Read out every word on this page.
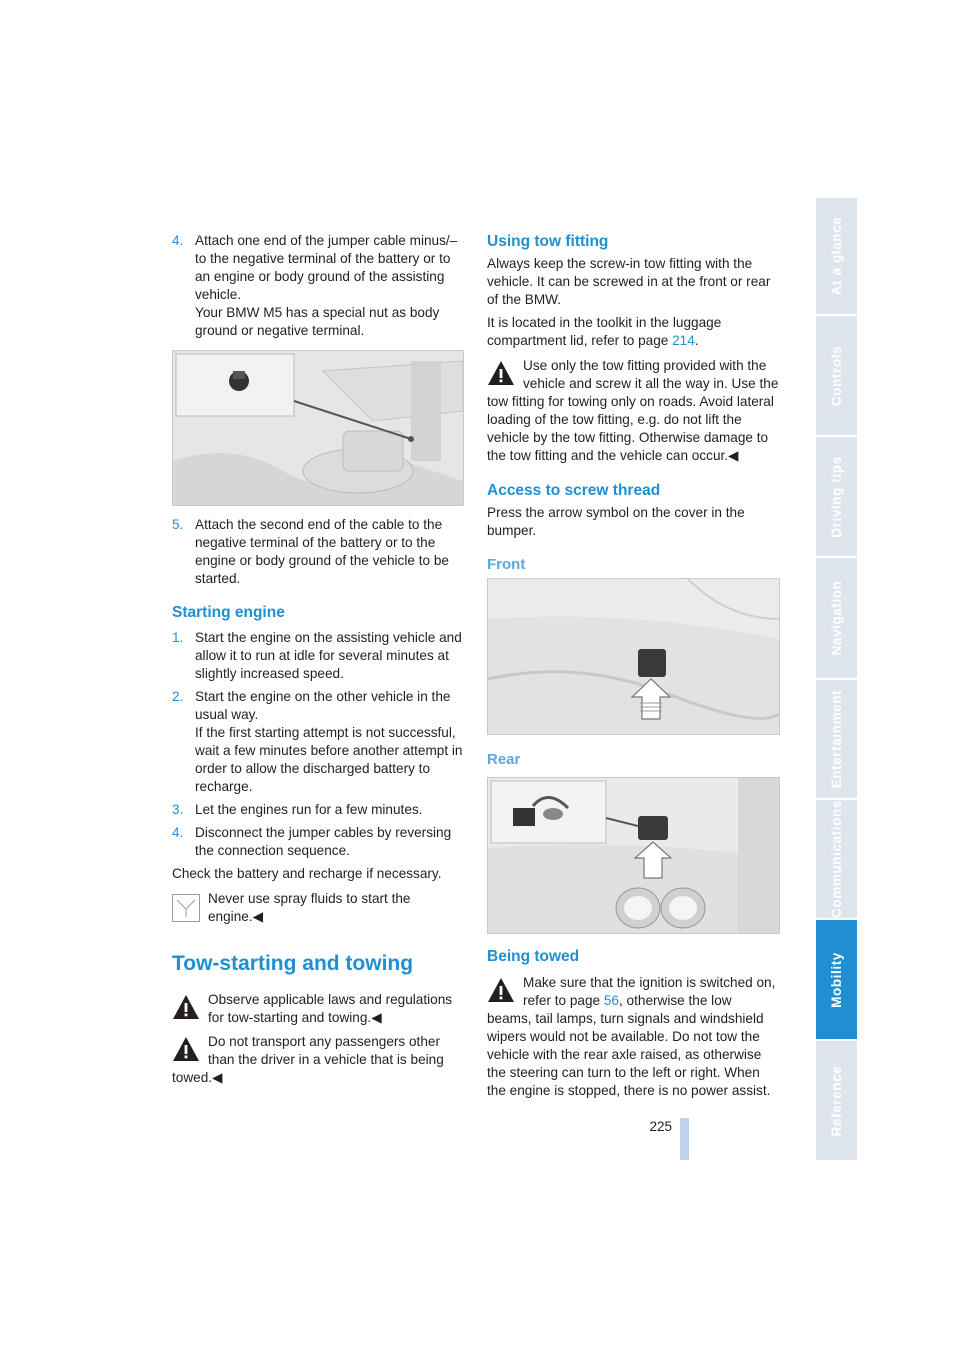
4. Attach one end of the jumper cable minus/– to the negative terminal of the battery or to an engine or body ground of the assisting vehicle.

Your BMW M5 has a special nut as body ground or negative terminal.

5. Attach the second end of the cable to the negative terminal of the battery or to the engine or body ground of the vehicle to be started.

Starting engine
1. Start the engine on the assisting vehicle and allow it to run at idle for several minutes at slightly increased speed.

2. Start the engine on the other vehicle in the usual way.

If the first starting attempt is not successful, wait a few minutes before another attempt in order to allow the discharged battery to recharge.

3. Let the engines run for a few minutes.

4. Disconnect the jumper cables by reversing the connection sequence.

Check the battery and recharge if necessary.

Never use spray fluids to start the engine.◀

Tow-starting and towing

Observe applicable laws and regulations for tow-starting and towing.◀

Do not transport any passengers other than the driver in a vehicle that is being

towed.◀

Using tow fitting

Always keep the screw-in tow fitting with the vehicle. It can be screwed in at the front or rear of the BMW.

It is located in the toolkit in the luggage compartment lid, refer to page 214.

Use only the tow fitting provided with the vehicle and screw it all the way in. Use the

tow fitting for towing only on roads. Avoid lateral loading of the tow fitting, e.g. do not lift the vehicle by the tow fitting. Otherwise damage to the tow fitting and the vehicle can occur.◀

Access to screw thread

Press the arrow symbol on the cover in the bumper.

Front
Rear
Being towed

Make sure that the ignition is switched on, refer to page 56, otherwise the low

beams, tail lamps, turn signals and windshield wipers would not be available. Do not tow the vehicle with the rear axle raised, as otherwise the steering can turn to the left or right. When the engine is stopped, there is no power assist.

225
At a glance
Controls
Driving tips
Navigation
Entertainment
Communications
Mobility
Reference
